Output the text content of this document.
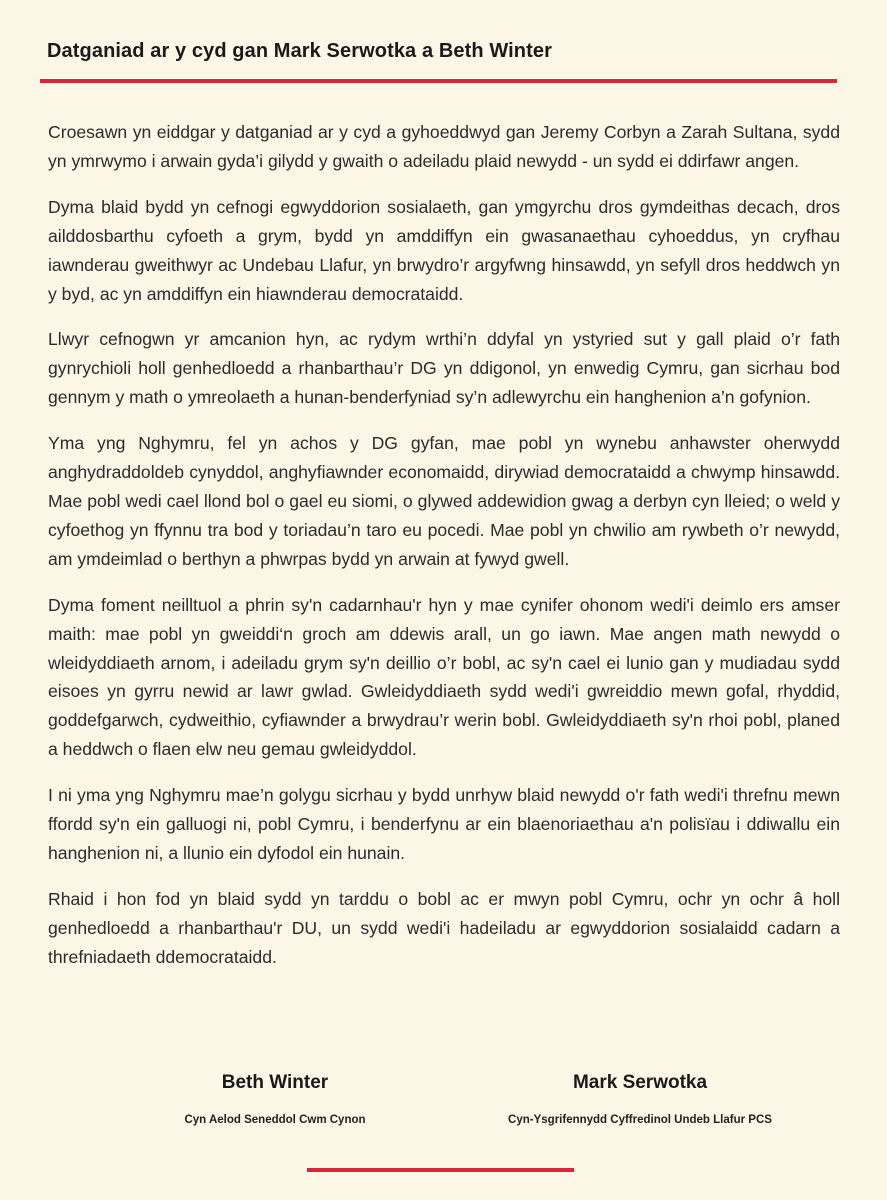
Datganiad ar y cyd gan Mark Serwotka a Beth Winter

Croesawn yn eiddgar y datganiad ar y cyd a gyhoeddwyd gan Jeremy Corbyn a Zarah Sultana, sydd yn ymrwymo i arwain gyda’i gilydd y gwaith o adeiladu plaid newydd - un sydd ei ddirfawr angen.

Dyma blaid bydd yn cefnogi egwyddorion sosialaeth, gan ymgyrchu dros gymdeithas decach, dros ailddosbarthu cyfoeth a grym, bydd yn amddiffyn ein gwasanaethau cyhoeddus, yn cryfhau iawnderau gweithwyr ac Undebau Llafur, yn brwydro’r argyfwng hinsawdd, yn sefyll dros heddwch yn y byd, ac yn amddiffyn ein hiawnderau democrataidd.

Llwyr cefnogwn yr amcanion hyn, ac rydym wrthi’n ddyfal yn ystyried sut y gall plaid o’r fath gynrychioli holl genhedloedd a rhanbarthau’r DG yn ddigonol, yn enwedig Cymru, gan sicrhau bod gennym y math o ymreolaeth a hunan-benderfyniad sy’n adlewyrchu ein hanghenion a’n gofynion.

Yma yng Nghymru, fel yn achos y DG gyfan, mae pobl yn wynebu anhawster oherwydd anghydraddoldeb cynyddol, anghyfiawnder economaidd, dirywiad democrataidd a chwymp hinsawdd. Mae pobl wedi cael llond bol o gael eu siomi, o glywed addewidion gwag a derbyn cyn lleied; o weld y cyfoethog yn ffynnu tra bod y toriadau’n taro eu pocedi. Mae pobl yn chwilio am rywbeth o’r newydd, am ymdeimlad o berthyn a phwrpas bydd yn arwain at fywyd gwell.

Dyma foment neilltuol a phrin sy'n cadarnhau'r hyn y mae cynifer ohonom wedi'i deimlo ers amser maith: mae pobl yn gweiddi‘n groch am ddewis arall, un go iawn. Mae angen math newydd o wleidyddiaeth arnom, i adeiladu grym sy'n deillio o’r bobl, ac sy'n cael ei lunio gan y mudiadau sydd eisoes yn gyrru newid ar lawr gwlad. Gwleidyddiaeth sydd wedi'i gwreiddio mewn gofal, rhyddid, goddefgarwch, cydweithio, cyfiawnder a brwydrau’r werin bobl. Gwleidyddiaeth sy'n rhoi pobl, planed a heddwch o flaen elw neu gemau gwleidyddol.

I ni yma yng Nghymru mae’n golygu sicrhau y bydd unrhyw blaid newydd o'r fath wedi'i threfnu mewn ffordd sy'n ein galluogi ni, pobl Cymru, i benderfynu ar ein blaenoriaethau a'n polisïau i ddiwallu ein hanghenion ni, a llunio ein dyfodol ein hunain.

Rhaid i hon fod yn blaid sydd yn tarddu o bobl ac er mwyn pobl Cymru, ochr yn ochr â holl genhedloedd a rhanbarthau'r DU, un sydd wedi'i hadeiladu ar egwyddorion sosialaidd cadarn a threfniadaeth ddemocrataidd.

Beth Winter

Cyn Aelod Seneddol Cwm Cynon

Mark Serwotka

Cyn-Ysgrifennydd Cyffredinol Undeb Llafur PCS
